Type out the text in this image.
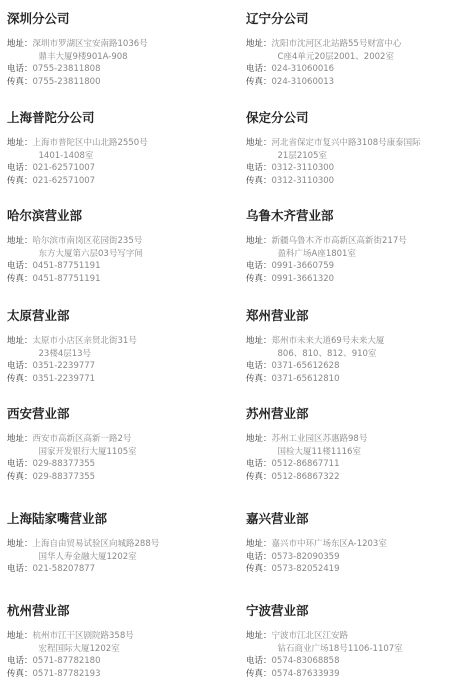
深圳分公司
地址： 深圳市罗湖区宝安南路1036号
鼎丰大厦9楼901A-908
电话： 0755-23811808
传真： 0755-23811800
辽宁分公司
地址： 沈阳市沈河区北站路55号财富中心
C座4单元20层2001、2002室
电话： 024-31060016
传真： 024-31060013
上海普陀分公司
地址： 上海市普陀区中山北路2550号
1401-1408室
电话： 021-62571007
传真： 021-62571007
保定分公司
地址： 河北省保定市复兴中路3108号康泰国际
21层2105室
电话： 0312-3110300
传真： 0312-3110300
哈尔滨营业部
地址： 哈尔滨市南岗区花园街235号
东方大厦第六层03号写字间
电话： 0451-87751191
传真： 0451-87751191
乌鲁木齐营业部
地址： 新疆乌鲁木齐市高新区高新街217号
盈科广场A座1801室
电话： 0991-3660759
传真： 0991-3661320
太原营业部
地址： 太原市小店区亲贤北街31号
23楼4层13号
电话： 0351-2239777
传真： 0351-2239771
郑州营业部
地址： 郑州市未来大道69号未来大厦
806、810、812、910室
电话： 0371-65612628
传真： 0371-65612810
西安营业部
地址： 西安市高新区高新一路2号
国家开发银行大厦1105室
电话： 029-88377355
传真： 029-88377355
苏州营业部
地址： 苏州工业园区苏惠路98号
国检大厦11楼1116室
电话： 0512-86867711
传真： 0512-86867322
上海陆家嘴营业部
地址： 上海自由贸易试验区向城路288号
国华人寿金融大厦1202室
电话： 021-58207877
嘉兴营业部
地址： 嘉兴市中环广场东区A-1203室
电话： 0573-82090359
传真： 0573-82052419
杭州营业部
地址： 杭州市江干区剧院路358号
宏程国际大厦1202室
电话： 0571-87782180
传真： 0571-87782193
宁波营业部
地址： 宁波市江北区江安路
钻石商业广场18号1106-1107室
电话： 0574-83068858
传真： 0574-87633939
